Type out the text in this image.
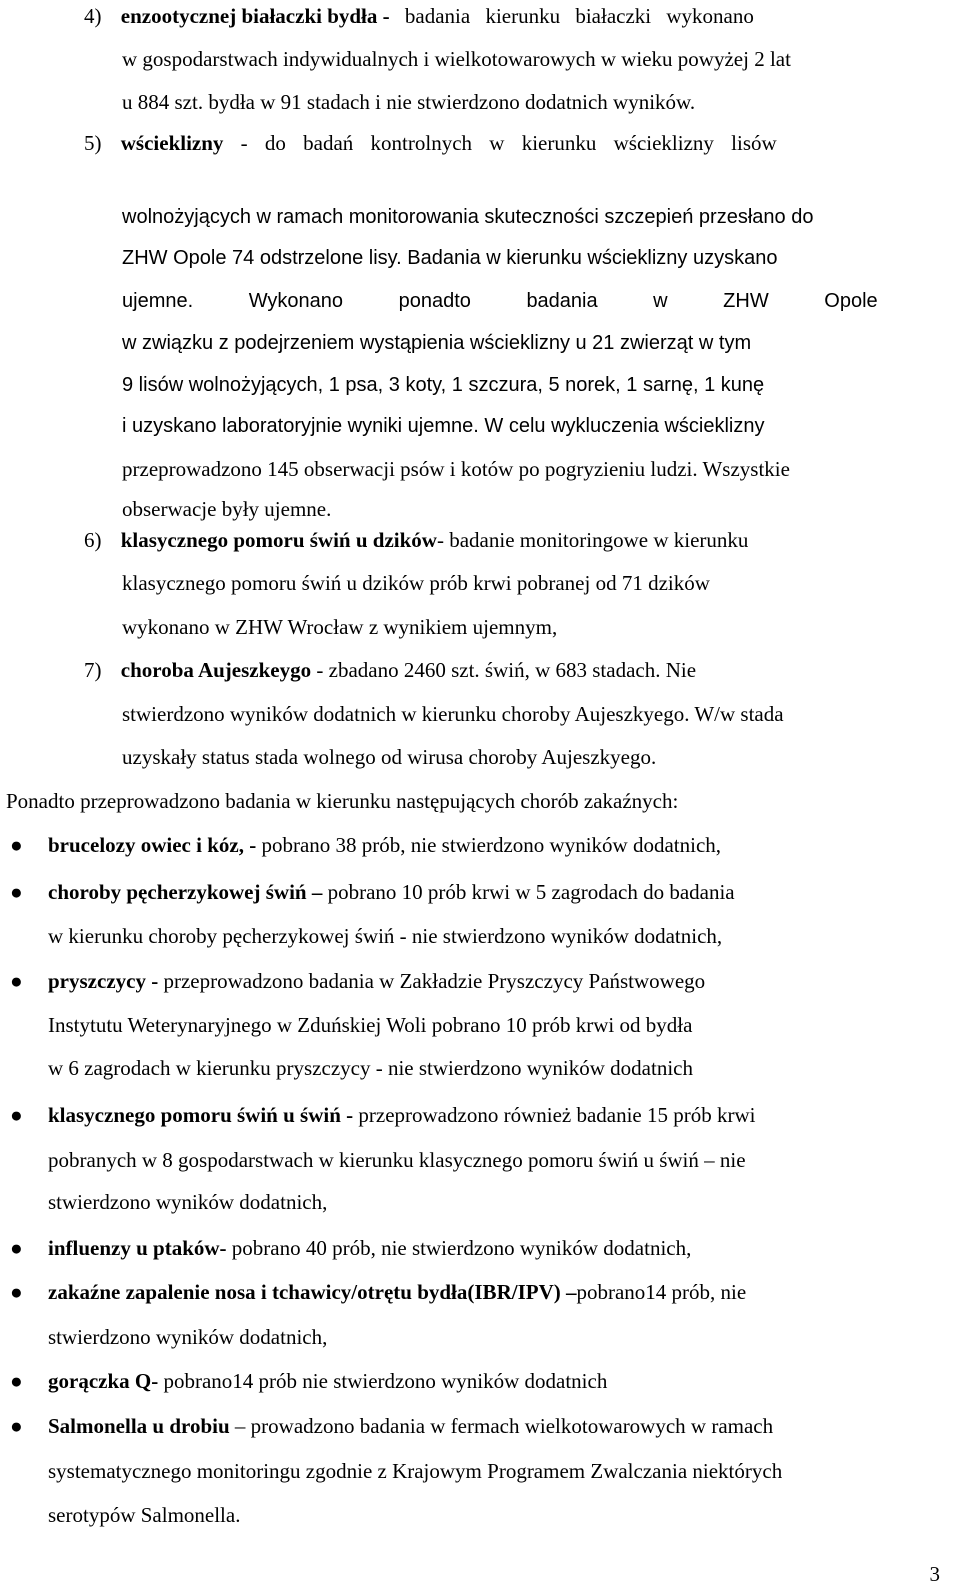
4) enzootycznej białaczki bydła - badania kierunku białaczki wykonano
w gospodarstwach indywidualnych i wielkotowarowych w wieku powyżej 2 lat
u 884 szt. bydła w 91 stadach i nie stwierdzono dodatnich wyników.
5) wścieklizny - do badań kontrolnych w kierunku wścieklizny lisów
wolnożyjących w ramach monitorowania skuteczności szczepień przesłano do
ZHW Opole 74 odstrzelone lisy. Badania w kierunku wścieklizny uzyskano
ujemne. Wykonano ponadto badania w ZHW Opole
w związku z podejrzeniem wystąpienia wścieklizny u 21 zwierząt w tym
9 lisów wolnożyjących, 1 psa, 3 koty, 1 szczura, 5 norek, 1 sarnę, 1 kunę
i uzyskano laboratoryjnie wyniki ujemne. W celu wykluczenia wścieklizny
przeprowadzono 145 obserwacji psów i kotów po pogryzieniu ludzi. Wszystkie
obserwacje były ujemne.
6) klasycznego pomoru świń u dzików- badanie monitoringowe w kierunku
klasycznego pomoru świń u dzików prób krwi pobranej od 71 dzików
wykonano w ZHW Wrocław z wynikiem ujemnym,
7) choroba Aujeszkeygo - zbadano 2460 szt. świń, w 683 stadach. Nie
stwierdzono wyników dodatnich w kierunku choroby Aujeszkyego. W/w stada
uzyskały status stada wolnego od wirusa choroby Aujeszkyego.
Ponadto przeprowadzono badania w kierunku następujących chorób zakaźnych:
● brucelozy owiec i kóz, - pobrano 38 prób, nie stwierdzono wyników dodatnich,
● choroby pęcherzykowej świń – pobrano 10 prób krwi w 5 zagrodach do badania
w kierunku choroby pęcherzykowej świń - nie stwierdzono wyników dodatnich,
● pryszczycy - przeprowadzono badania w Zakładzie Pryszczycy Państwowego
Instytutu Weterynaryjnego w Zduńskiej Woli pobrano 10 prób krwi od bydła
w 6 zagrodach w kierunku pryszczycy - nie stwierdzono wyników dodatnich
● klasycznego pomoru świń u świń - przeprowadzono również badanie 15 prób krwi
pobranych w 8 gospodarstwach w kierunku klasycznego pomoru świń u świń – nie
stwierdzono wyników dodatnich,
● influenzy u ptaków- pobrano 40 prób, nie stwierdzono wyników dodatnich,
● zakaźne zapalenie nosa i tchawicy/otrętu bydła(IBR/IPV) –pobrano14 prób, nie
stwierdzono wyników dodatnich,
● gorączka Q- pobrano14 prób nie stwierdzono wyników dodatnich
● Salmonella u drobiu – prowadzono badania w fermach wielkotowarowych w ramach
systematycznego monitoringu zgodnie z Krajowym Programem Zwalczania niektórych
serotypów Salmonella.
3
